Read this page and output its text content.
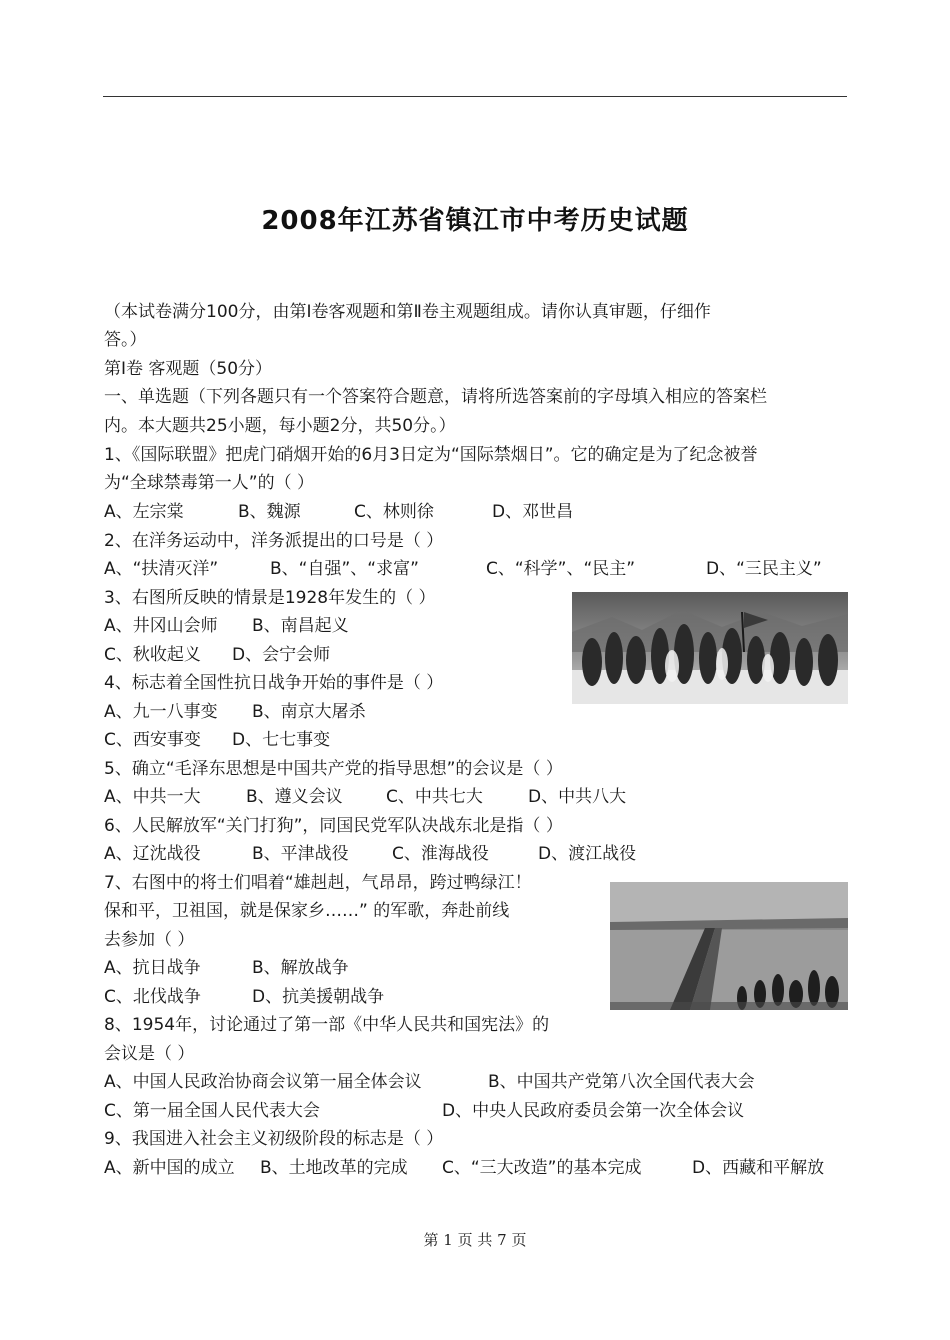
2008年江苏省镇江市中考历史试题
（本试卷满分100分，由第Ⅰ卷客观题和第Ⅱ卷主观题组成。请你认真审题，仔细作
答。）
第Ⅰ卷 客观题（50分）
一、单选题（下列各题只有一个答案符合题意，请将所选答案前的字母填入相应的答案栏
内。本大题共25小题，每小题2分，共50分。）
1、《国际联盟》把虎门硝烟开始的6月3日定为“国际禁烟日”。它的确定是为了纪念被誉
为“全球禁毒第一人”的（ ）
A、左宗棠	B、魏源	C、林则徐	D、邓世昌
2、在洋务运动中，洋务派提出的口号是（ ）
A、“扶清灭洋”	B、“自强”、“求富”	C、“科学”、“民主”	D、“三民主义”
3、右图所反映的情景是1928年发生的（ ）
A、井冈山会师 B、南昌起义
C、秋收起义 D、会宁会师
4、标志着全国性抗日战争开始的事件是（ ）
A、九一八事变 B、南京大屠杀
C、西安事变 D、七七事变
5、确立“毛泽东思想是中国共产党的指导思想”的会议是（ ）
A、中共一大	B、遵义会议	C、中共七大	D、中共八大
6、人民解放军“关门打狗”，同国民党军队决战东北是指（ ）
A、辽沈战役	B、平津战役	C、淮海战役	D、渡江战役
7、右图中的将士们唱着“雄赳赳，气昂昂，跨过鸭绿江！
保和平，卫祖国，就是保家乡……” 的军歌，奔赴前线
去参加（ ）
A、抗日战争	B、解放战争
C、北伐战争	D、抗美援朝战争
8、1954年，讨论通过了第一部《中华人民共和国宪法》的
会议是（ ）
A、中国人民政治协商会议第一届全体会议	B、中国共产党第八次全国代表大会
C、第一届全国人民代表大会	D、中央人民政府委员会第一次全体会议
9、我国进入社会主义初级阶段的标志是（ ）
A、新中国的成立 B、土地改革的完成 C、“三大改造”的基本完成	D、西藏和平解放
第 1 页 共 7 页
